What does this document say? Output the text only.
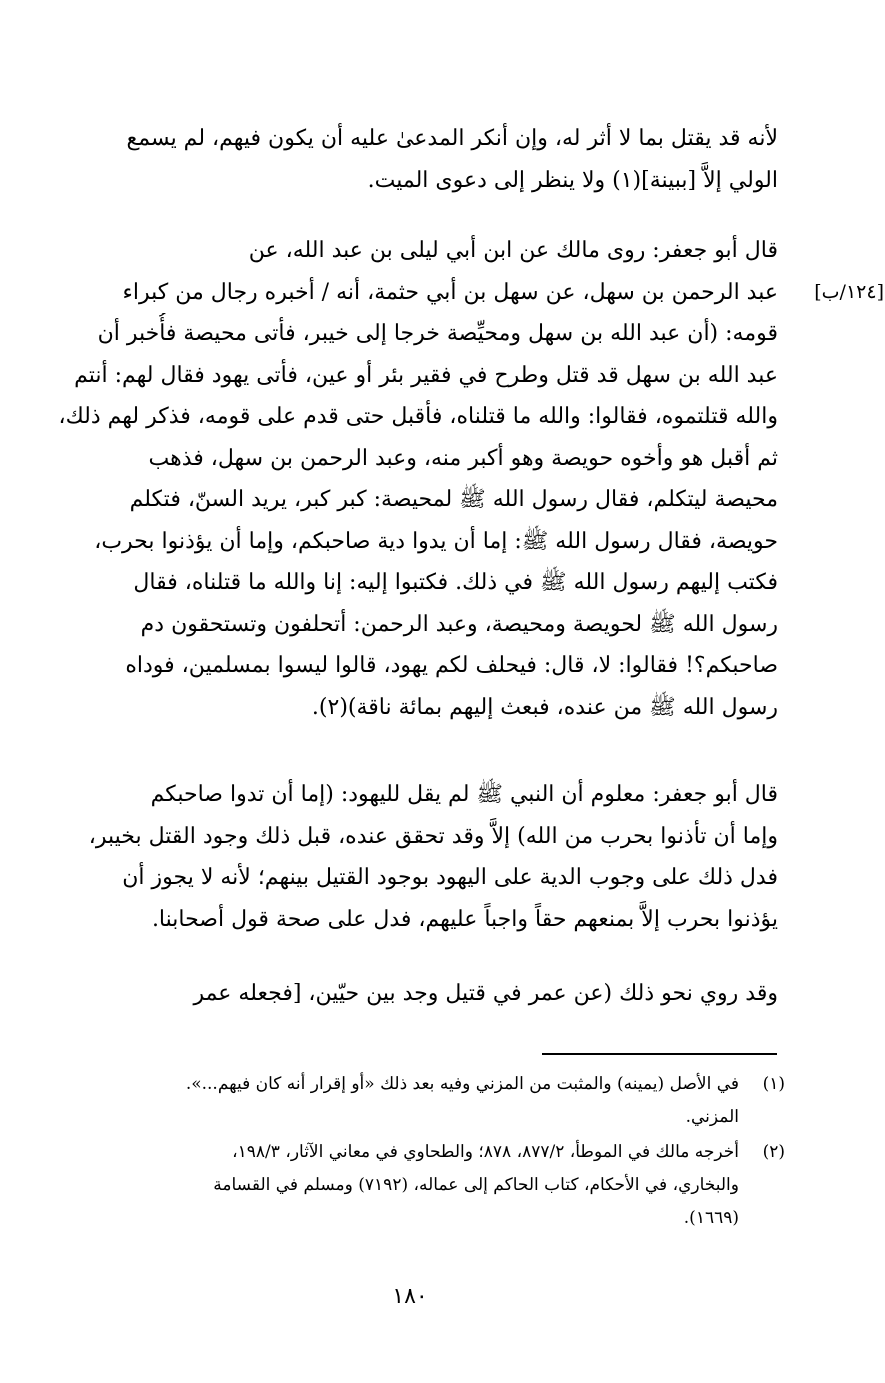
لأنه قد يقتل بما لا أثر له، وإن أنكر المدعىٰ عليه أن يكون فيهم، لم يسمع
الولي إلاَّ [ببينة](١) ولا ينظر إلى دعوى الميت.
قال أبو جعفر: روى مالك عن ابن أبي ليلى بن عبد الله، عن
عبد الرحمن بن سهل، عن سهل بن أبي حثمة، أنه / أخبره رجال من كبراء
قومه: (أن عبد الله بن سهل ومحيِّصة خرجا إلى خيبر، فأتى محيصة فأُخبر أن
عبد الله بن سهل قد قتل وطرح في فقير بئر أو عين، فأتى يهود فقال لهم: أنتم
والله قتلتموه، فقالوا: والله ما قتلناه، فأقبل حتى قدم على قومه، فذكر لهم ذلك،
ثم أقبل هو وأخوه حويصة وهو أكبر منه، وعبد الرحمن بن سهل، فذهب
محيصة ليتكلم، فقال رسول الله ﷺ لمحيصة: كبر كبر، يريد السنّ، فتكلم
حويصة، فقال رسول الله ﷺ: إما أن يدوا دية صاحبكم، وإما أن يؤذنوا بحرب،
فكتب إليهم رسول الله ﷺ في ذلك. فكتبوا إليه: إنا والله ما قتلناه، فقال
رسول الله ﷺ لحويصة ومحيصة، وعبد الرحمن: أتحلفون وتستحقون دم
صاحبكم؟! فقالوا: لا، قال: فيحلف لكم يهود، قالوا ليسوا بمسلمين، فوداه
رسول الله ﷺ من عنده، فبعث إليهم بمائة ناقة)(٢).
[١٢٤/ب]
قال أبو جعفر: معلوم أن النبي ﷺ لم يقل لليهود: (إما أن تدوا صاحبكم
وإما أن تأذنوا بحرب من الله) إلاَّ وقد تحقق عنده، قبل ذلك وجود القتل بخيبر،
فدل ذلك على وجوب الدية على اليهود بوجود القتيل بينهم؛ لأنه لا يجوز أن
يؤذنوا بحرب إلاَّ بمنعهم حقاً واجباً عليهم، فدل على صحة قول أصحابنا.
وقد روي نحو ذلك (عن عمر في قتيل وجد بين حيّين، [فجعله عمر
(١)
في الأصل (يمينه) والمثبت من المزني وفيه بعد ذلك «أو إقرار أنه كان فيهم...».
المزني.
(٢)
أخرجه مالك في الموطأ، ٨٧٧/٢، ٨٧٨؛ والطحاوي في معاني الآثار، ١٩٨/٣،
والبخاري، في الأحكام، كتاب الحاكم إلى عماله، (٧١٩٢) ومسلم في القسامة
(١٦٦٩).
١٨٠
